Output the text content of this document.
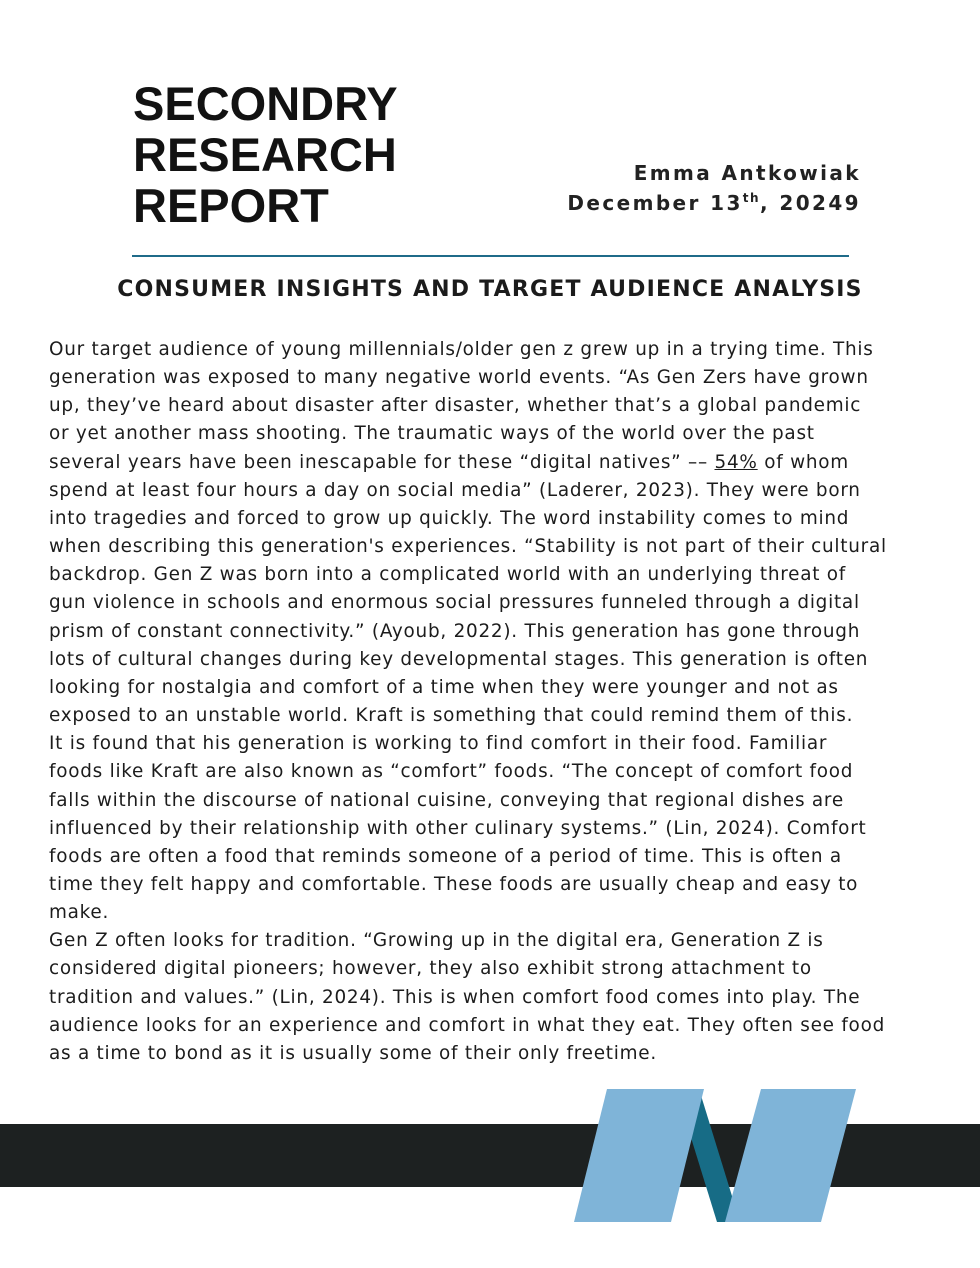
SECONDRY
RESEARCH
REPORT
Emma Antkowiak
December 13th, 20249
CONSUMER INSIGHTS AND TARGET AUDIENCE ANALYSIS
Our target audience of young millennials/older gen z grew up in a trying time. This
generation was exposed to many negative world events. “As Gen Zers have grown
up, they’ve heard about disaster after disaster, whether that’s a global pandemic
or yet another mass shooting. The traumatic ways of the world over the past
several years have been inescapable for these “digital natives” –– 54% of whom
spend at least four hours a day on social media” (Laderer, 2023). They were born
into tragedies and forced to grow up quickly. The word instability comes to mind
when describing this generation's experiences. “Stability is not part of their cultural
backdrop. Gen Z was born into a complicated world with an underlying threat of
gun violence in schools and enormous social pressures funneled through a digital
prism of constant connectivity.” (Ayoub, 2022). This generation has gone through
lots of cultural changes during key developmental stages. This generation is often
looking for nostalgia and comfort of a time when they were younger and not as
exposed to an unstable world. Kraft is something that could remind them of this.
It is found that his generation is working to find comfort in their food. Familiar
foods like Kraft are also known as “comfort” foods. “The concept of comfort food
falls within the discourse of national cuisine, conveying that regional dishes are
influenced by their relationship with other culinary systems.” (Lin, 2024). Comfort
foods are often a food that reminds someone of a period of time. This is often a
time they felt happy and comfortable. These foods are usually cheap and easy to
make.
Gen Z often looks for tradition. “Growing up in the digital era, Generation Z is
considered digital pioneers; however, they also exhibit strong attachment to
tradition and values.” (Lin, 2024). This is when comfort food comes into play. The
audience looks for an experience and comfort in what they eat. They often see food
as a time to bond as it is usually some of their only freetime.
